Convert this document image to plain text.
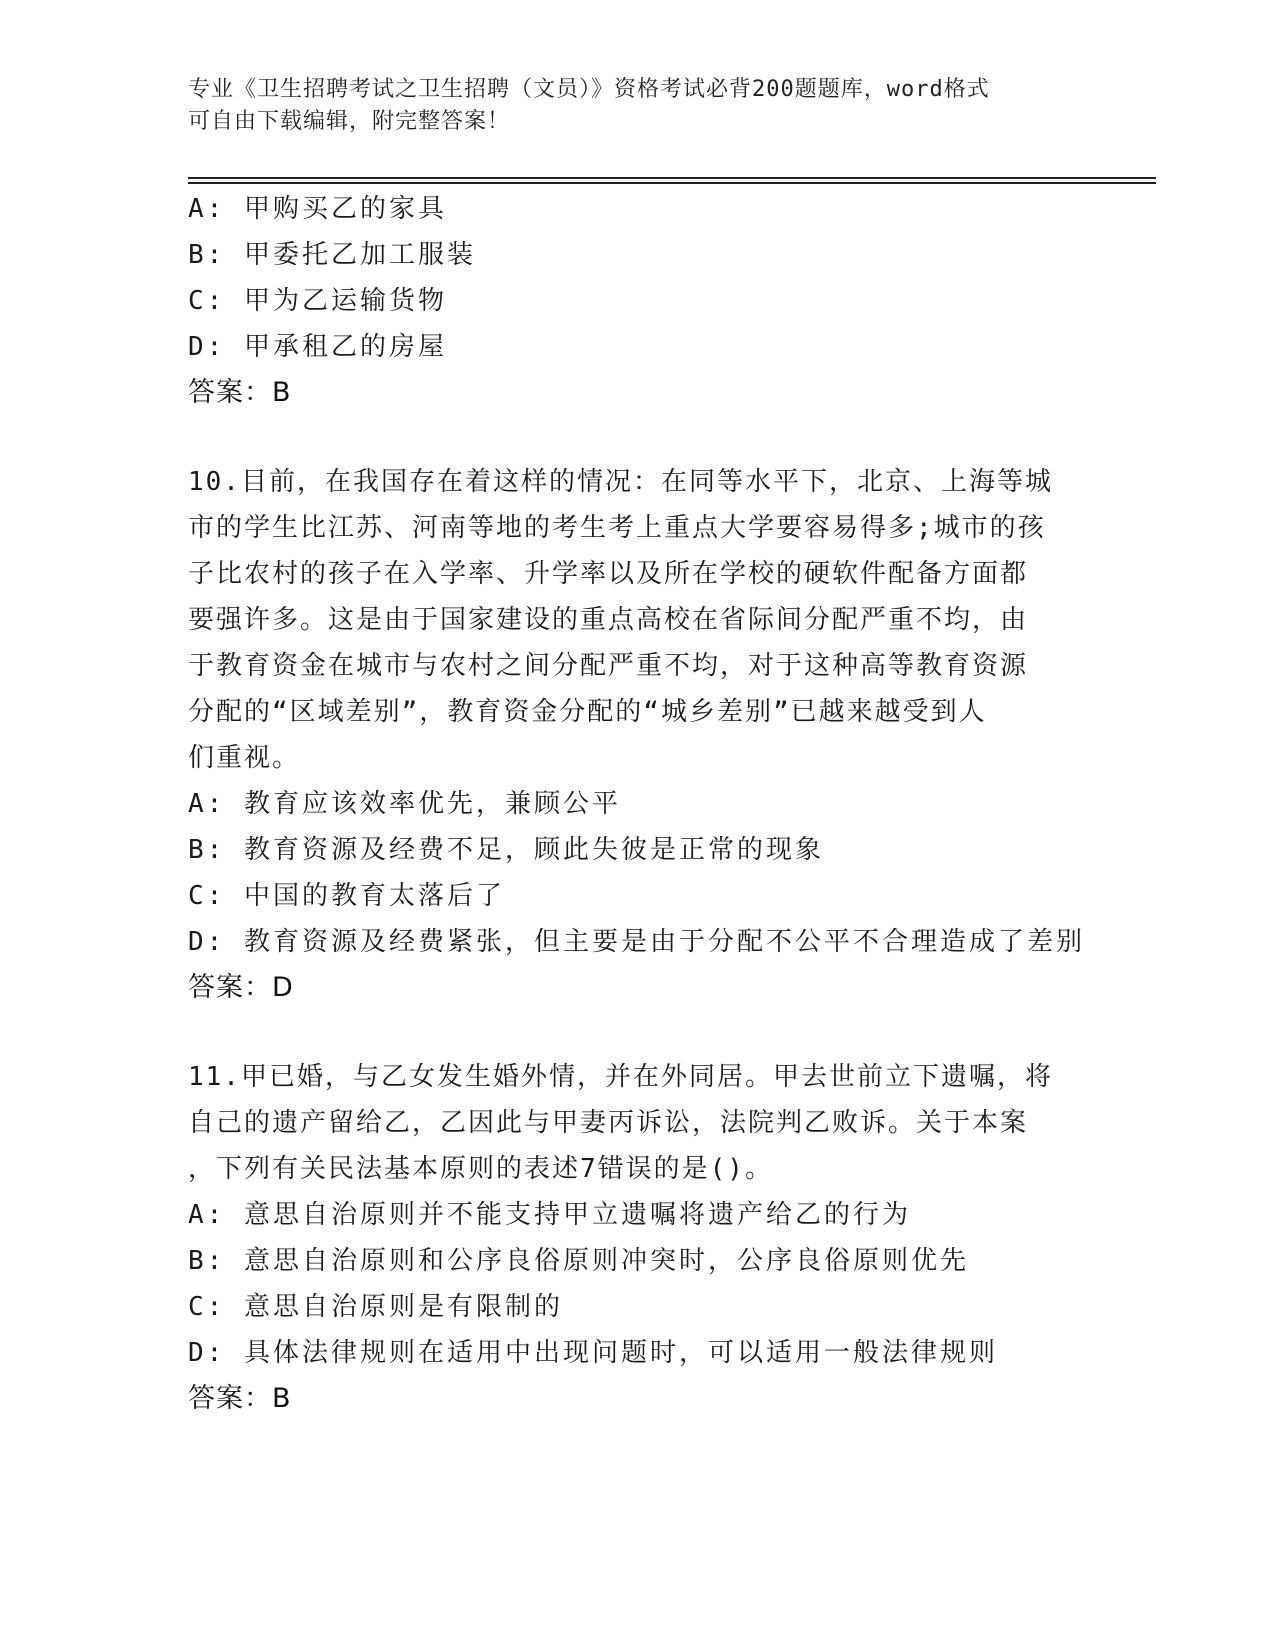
专业《卫生招聘考试之卫生招聘（文员）》资格考试必背200题题库，word格式
可自由下载编辑，附完整答案！
A: 甲购买乙的家具
B: 甲委托乙加工服装
C: 甲为乙运输货物
D: 甲承租乙的房屋
答案：B
10.目前，在我国存在着这样的情况：在同等水平下，北京、上海等城
市的学生比江苏、河南等地的考生考上重点大学要容易得多;城市的孩
子比农村的孩子在入学率、升学率以及所在学校的硬软件配备方面都
要强许多。这是由于国家建设的重点高校在省际间分配严重不均，由
于教育资金在城市与农村之间分配严重不均，对于这种高等教育资源
分配的“区域差别”，教育资金分配的“城乡差别”已越来越受到人
们重视。
A: 教育应该效率优先，兼顾公平
B: 教育资源及经费不足，顾此失彼是正常的现象
C: 中国的教育太落后了
D: 教育资源及经费紧张，但主要是由于分配不公平不合理造成了差别
答案：D
11.甲已婚，与乙女发生婚外情，并在外同居。甲去世前立下遗嘱，将
自己的遗产留给乙，乙因此与甲妻丙诉讼，法院判乙败诉。关于本案
，下列有关民法基本原则的表述7错误的是()。
A: 意思自治原则并不能支持甲立遗嘱将遗产给乙的行为
B: 意思自治原则和公序良俗原则冲突时，公序良俗原则优先
C: 意思自治原则是有限制的
D: 具体法律规则在适用中出现问题时，可以适用一般法律规则
答案：B
